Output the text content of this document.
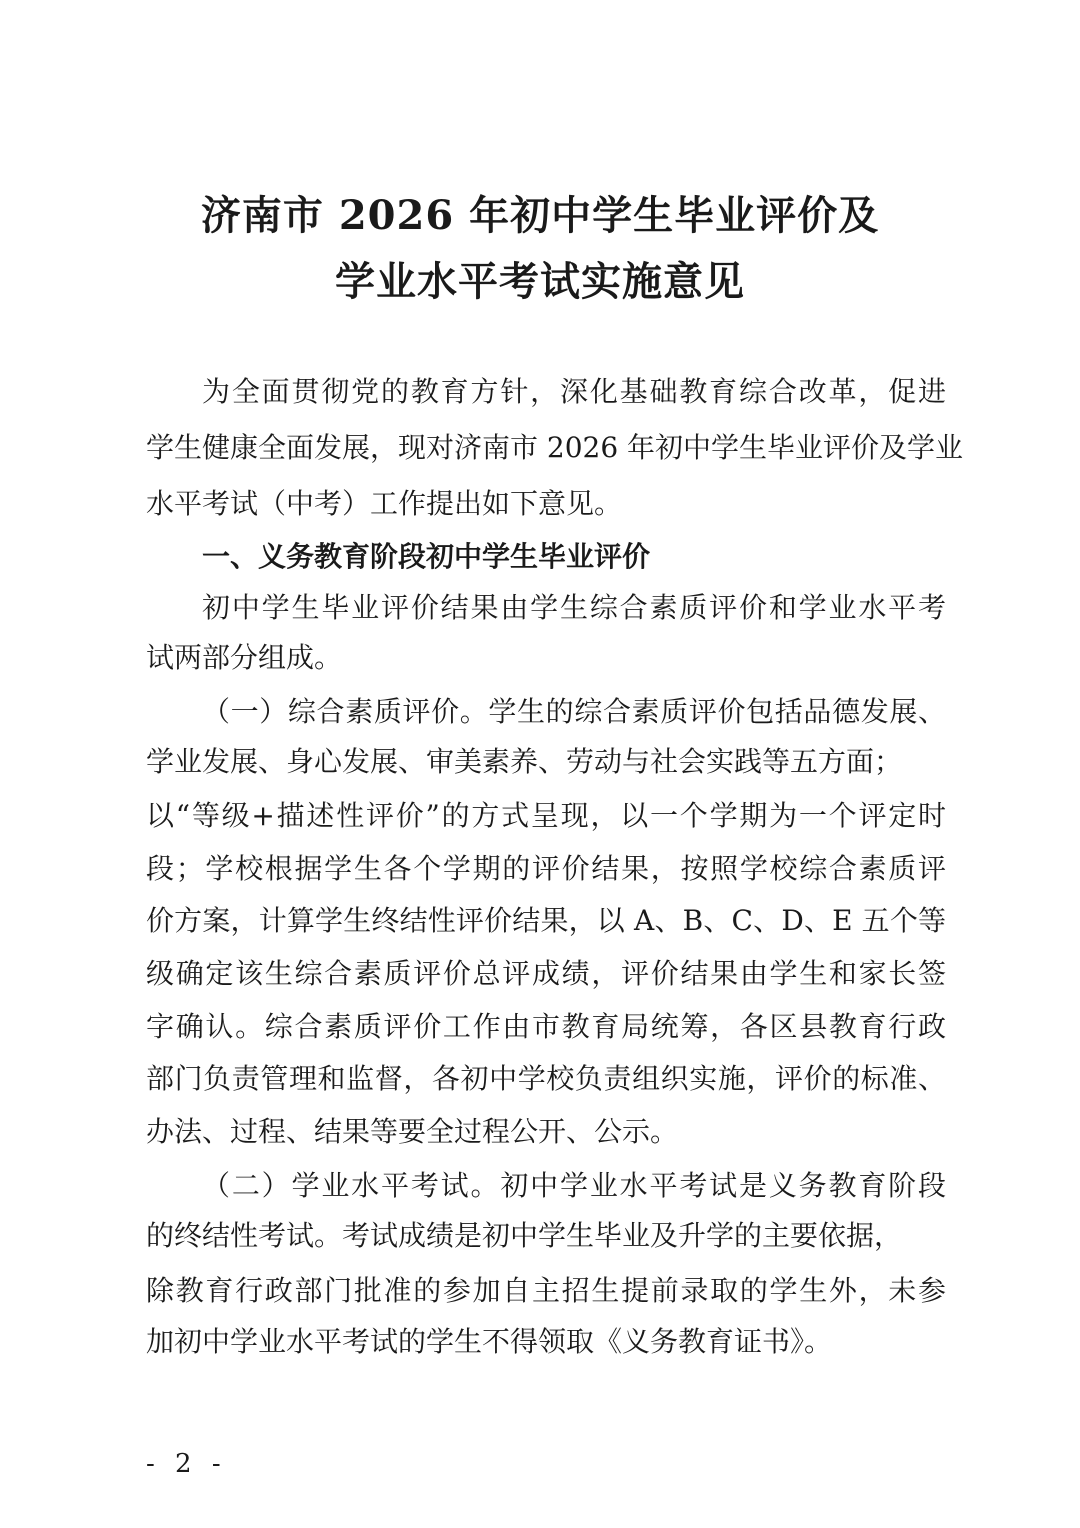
济南市 2026 年初中学生毕业评价及
学业水平考试实施意见
为全面贯彻党的教育方针，深化基础教育综合改革，促进
学生健康全面发展，现对济南市 2026 年初中学生毕业评价及学业
水平考试（中考）工作提出如下意见。
一、义务教育阶段初中学生毕业评价
初中学生毕业评价结果由学生综合素质评价和学业水平考
试两部分组成。
（一）综合素质评价。学生的综合素质评价包括品德发展、
学业发展、身心发展、审美素养、劳动与社会实践等五方面；
以“等级+描述性评价”的方式呈现，以一个学期为一个评定时
段；学校根据学生各个学期的评价结果，按照学校综合素质评
价方案，计算学生终结性评价结果，以 A、B、C、D、E 五个等
级确定该生综合素质评价总评成绩，评价结果由学生和家长签
字确认。综合素质评价工作由市教育局统筹，各区县教育行政
部门负责管理和监督，各初中学校负责组织实施，评价的标准、
办法、过程、结果等要全过程公开、公示。
（二）学业水平考试。初中学业水平考试是义务教育阶段
的终结性考试。考试成绩是初中学生毕业及升学的主要依据，
除教育行政部门批准的参加自主招生提前录取的学生外，未参
加初中学业水平考试的学生不得领取《义务教育证书》。
- 2 -
